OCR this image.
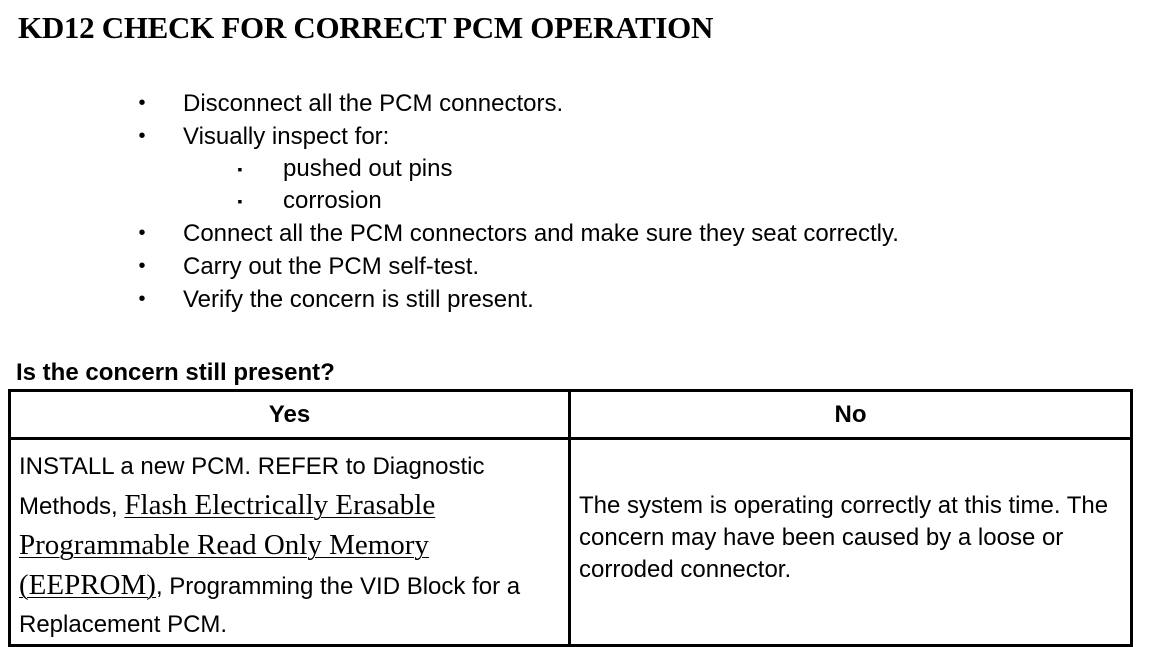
KD12 CHECK FOR CORRECT PCM OPERATION
• Disconnect all the PCM connectors.
• Visually inspect for:
▪ pushed out pins
▪ corrosion
• Connect all the PCM connectors and make sure they seat correctly.
• Carry out the PCM self-test.
• Verify the concern is still present.
Is the concern still present?
Yes	No

INSTALL a new PCM. REFER to Diagnostic Methods, Flash Electrically Erasable Programmable Read Only Memory (EEPROM), Programming the VID Block for a Replacement PCM.	The system is operating correctly at this time. The concern may have been caused by a loose or corroded connector.
